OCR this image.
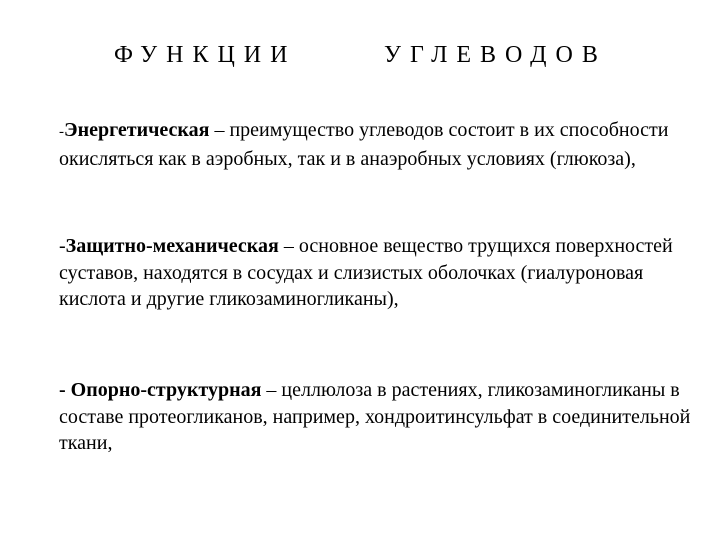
ФУНКЦИИ	УГЛЕВОДОВ
-Энергетическая – преимущество углеводов состоит в их способности окисляться как в аэробных, так и в анаэробных условиях (глюкоза),
-Защитно-механическая – основное вещество трущихся поверхностей суставов, находятся в сосудах и слизистых оболочках (гиалуроновая кислота и другие гликозаминогликаны),
- Опорно-структурная – целлюлоза в растениях, гликозаминогликаны в составе протеогликанов, например, хондроитинсульфат в соединительной ткани,
